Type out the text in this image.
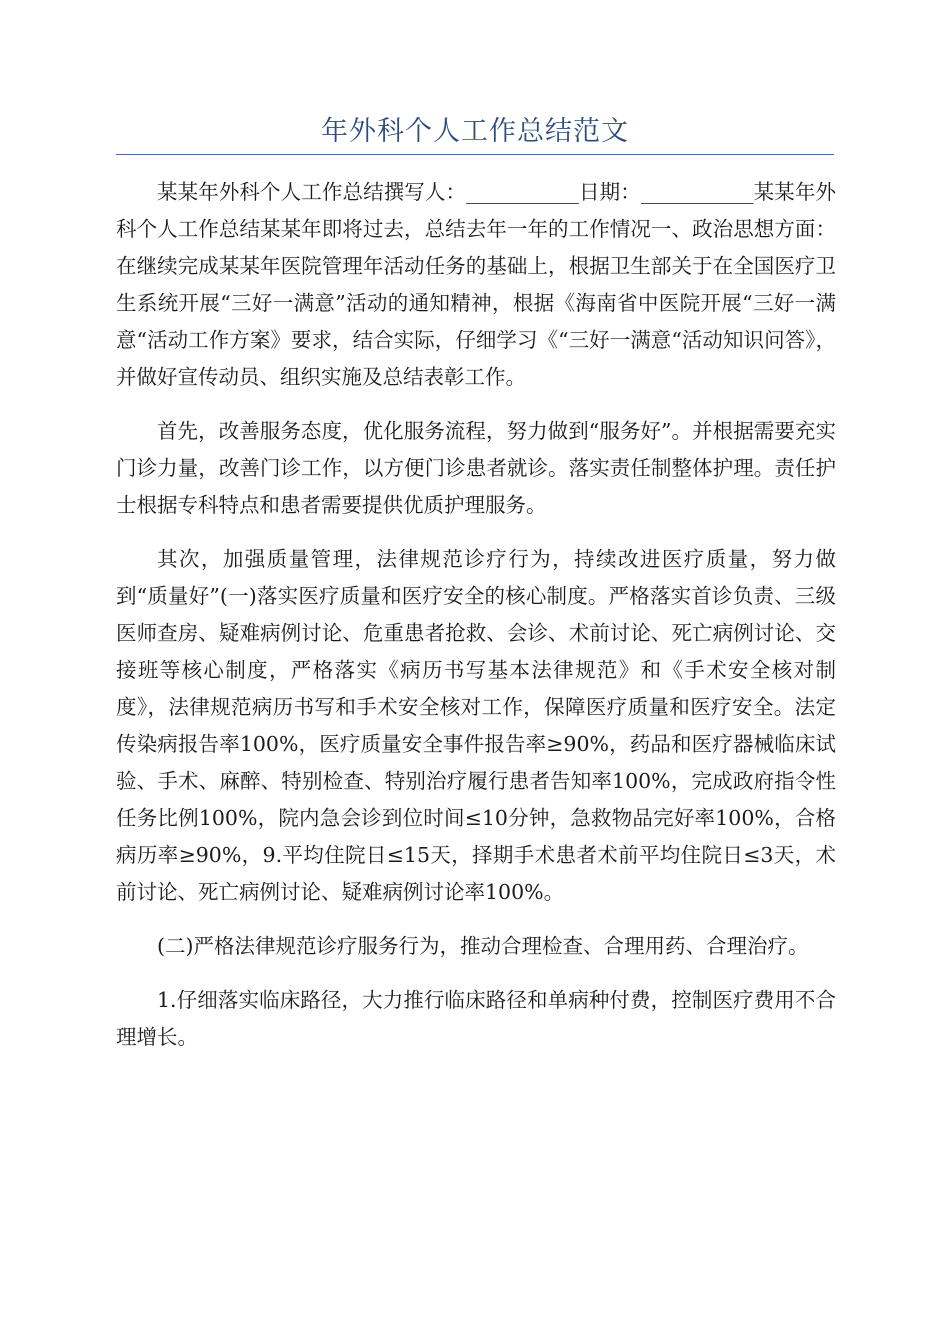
年外科个人工作总结范文

某某年外科个人工作总结撰写人：___________日期：___________某某年外科个人工作总结某某年即将过去，总结去年一年的工作情况一、政治思想方面：在继续完成某某年医院管理年活动任务的基础上，根据卫生部关于在全国医疗卫生系统开展“三好一满意”活动的通知精神，根据《海南省中医院开展“三好一满意“活动工作方案》要求，结合实际，仔细学习《“三好一满意“活动知识问答》，并做好宣传动员、组织实施及总结表彰工作。

首先，改善服务态度，优化服务流程，努力做到“服务好”。并根据需要充实门诊力量，改善门诊工作，以方便门诊患者就诊。落实责任制整体护理。责任护士根据专科特点和患者需要提供优质护理服务。

其次，加强质量管理，法律规范诊疗行为，持续改进医疗质量，努力做到“质量好”(一)落实医疗质量和医疗安全的核心制度。严格落实首诊负责、三级医师查房、疑难病例讨论、危重患者抢救、会诊、术前讨论、死亡病例讨论、交接班等核心制度，严格落实《病历书写基本法律规范》和《手术安全核对制度》，法律规范病历书写和手术安全核对工作，保障医疗质量和医疗安全。法定传染病报告率100%，医疗质量安全事件报告率≥90%，药品和医疗器械临床试验、手术、麻醉、特别检查、特别治疗履行患者告知率100%，完成政府指令性任务比例100%，院内急会诊到位时间≤10分钟，急救物品完好率100%，合格病历率≥90%，9.平均住院日≤15天，择期手术患者术前平均住院日≤3天，术前讨论、死亡病例讨论、疑难病例讨论率100%。

(二)严格法律规范诊疗服务行为，推动合理检查、合理用药、合理治疗。

1.仔细落实临床路径，大力推行临床路径和单病种付费，控制医疗费用不合理增长。
